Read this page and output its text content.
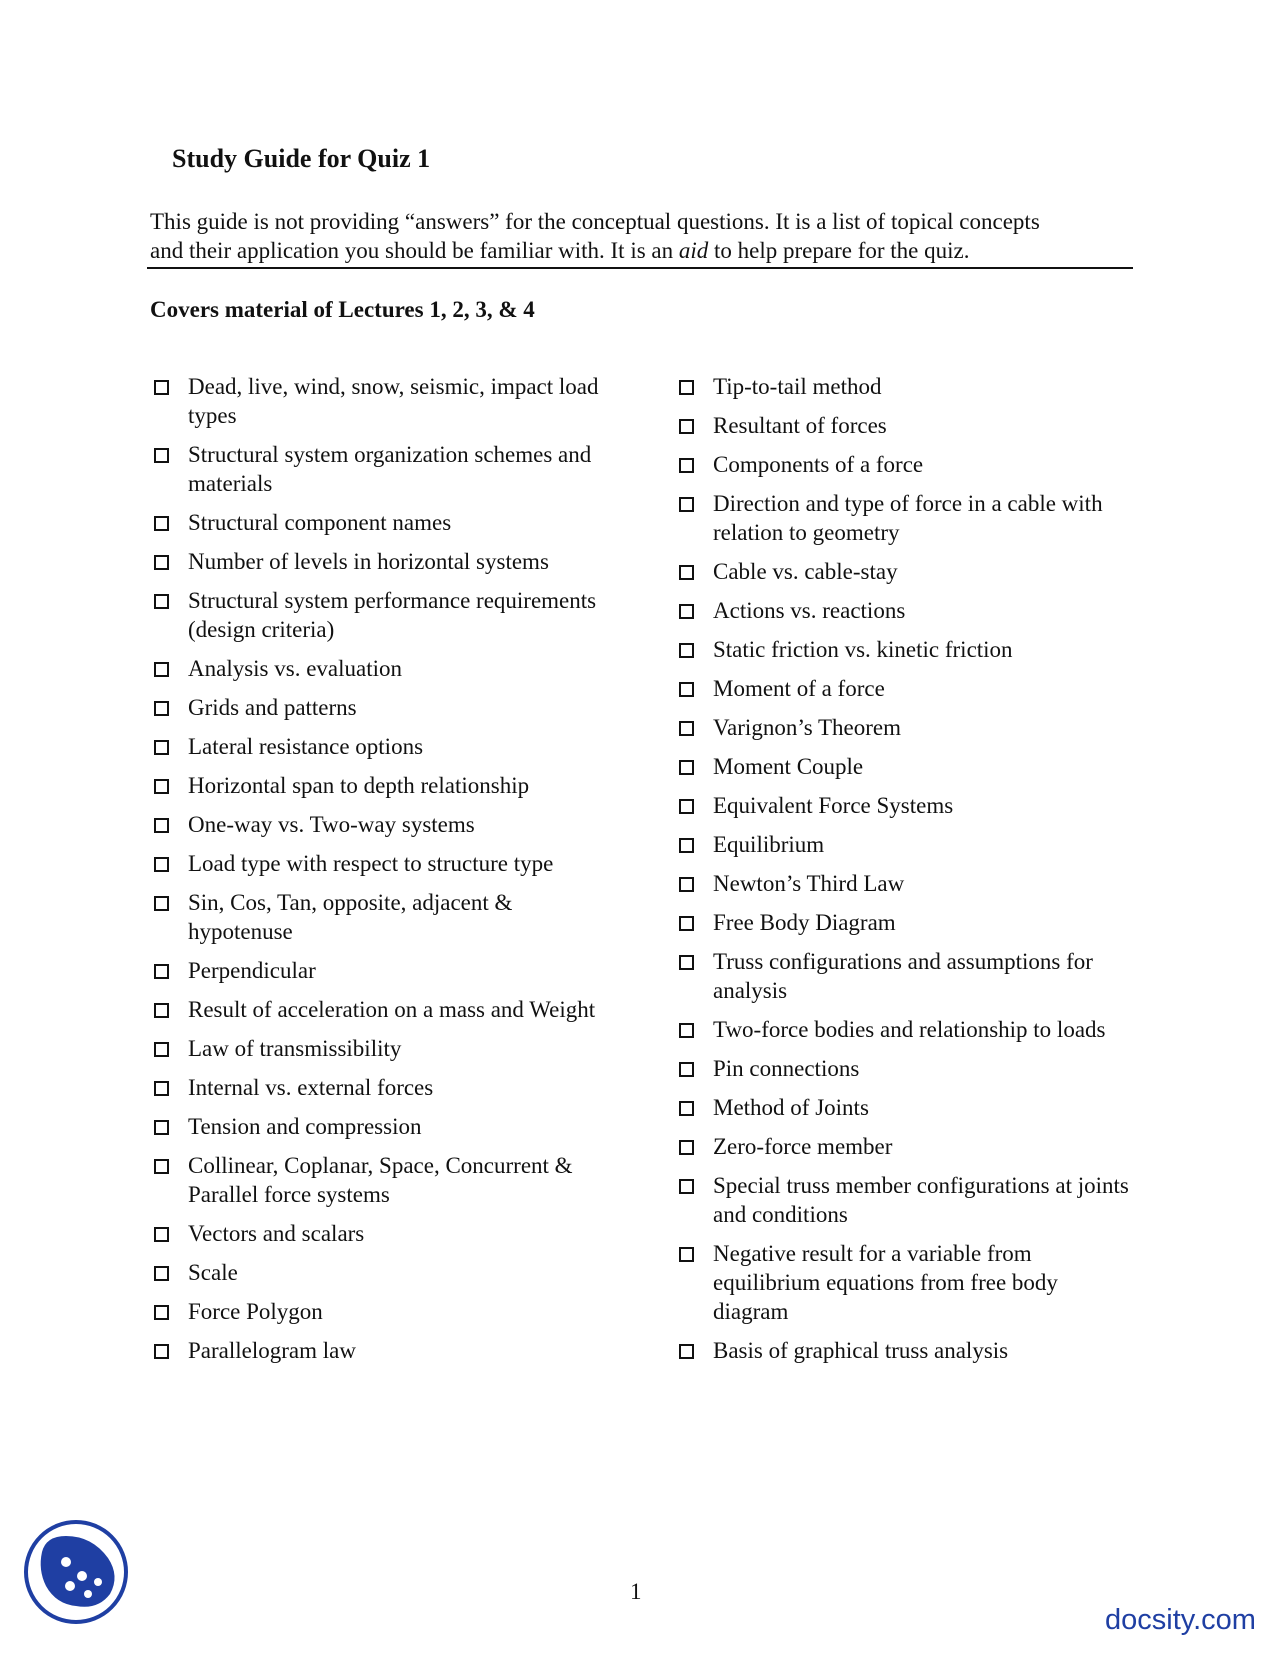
Study Guide for Quiz 1

This guide is not providing “answers” for the conceptual questions. It is a list of topical concepts

and their application you should be familiar with. It is an aid to help prepare for the quiz.

Covers material of Lectures 1, 2, 3, & 4
Dead, live, wind, snow, seismic, impact load types
Structural system organization schemes and materials
Structural component names
Number of levels in horizontal systems
Structural system performance requirements (design criteria)
Analysis vs. evaluation
Grids and patterns
Lateral resistance options
Horizontal span to depth relationship
One-way vs. Two-way systems
Load type with respect to structure type
Sin, Cos, Tan, opposite, adjacent & hypotenuse
Perpendicular
Result of acceleration on a mass and Weight
Law of transmissibility
Internal vs. external forces
Tension and compression
Collinear, Coplanar, Space, Concurrent & Parallel force systems
Vectors and scalars
Scale
Force Polygon
Parallelogram law
Tip-to-tail method
Resultant of forces
Components of a force
Direction and type of force in a cable with relation to geometry
Cable vs. cable-stay
Actions vs. reactions
Static friction vs. kinetic friction
Moment of a force
Varignon’s Theorem
Moment Couple
Equivalent Force Systems
Equilibrium
Newton’s Third Law
Free Body Diagram
Truss configurations and assumptions for analysis
Two-force bodies and relationship to loads
Pin connections
Method of Joints
Zero-force member
Special truss member configurations at joints and conditions
Negative result for a variable from equilibrium equations from free body diagram
Basis of graphical truss analysis
1
docsity.com
